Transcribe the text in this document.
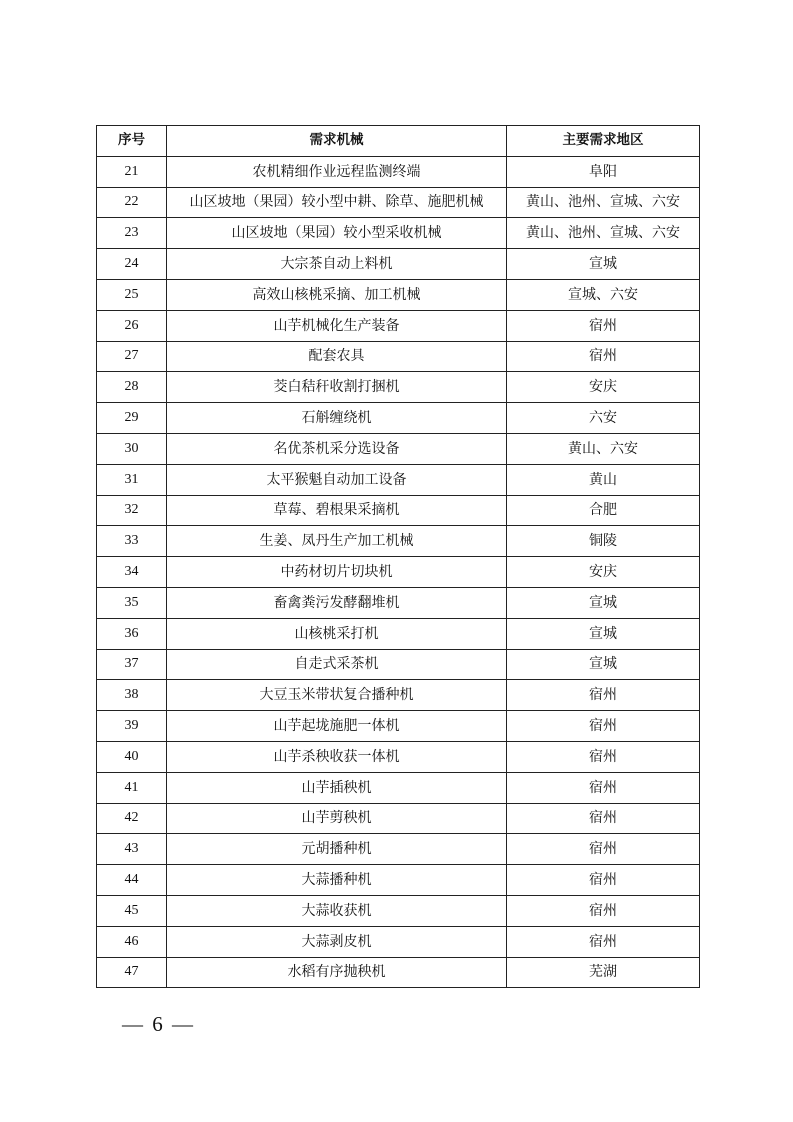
序号	需求机械	主要需求地区
21	农机精细作业远程监测终端	阜阳
22	山区坡地（果园）较小型中耕、除草、施肥机械	黄山、池州、宣城、六安
23	山区坡地（果园）较小型采收机械	黄山、池州、宣城、六安
24	大宗茶自动上料机	宣城
25	高效山核桃采摘、加工机械	宣城、六安
26	山芋机械化生产装备	宿州
27	配套农具	宿州
28	茭白秸秆收割打捆机	安庆
29	石斛缠绕机	六安
30	名优茶机采分选设备	黄山、六安
31	太平猴魁自动加工设备	黄山
32	草莓、碧根果采摘机	合肥
33	生姜、凤丹生产加工机械	铜陵
34	中药材切片切块机	安庆
35	畜禽粪污发酵翻堆机	宣城
36	山核桃采打机	宣城
37	自走式采茶机	宣城
38	大豆玉米带状复合播种机	宿州
39	山芋起垅施肥一体机	宿州
40	山芋杀秧收获一体机	宿州
41	山芋插秧机	宿州
42	山芋剪秧机	宿州
43	元胡播种机	宿州
44	大蒜播种机	宿州
45	大蒜收获机	宿州
46	大蒜剥皮机	宿州
47	水稻有序抛秧机	芜湖
— 6 —
